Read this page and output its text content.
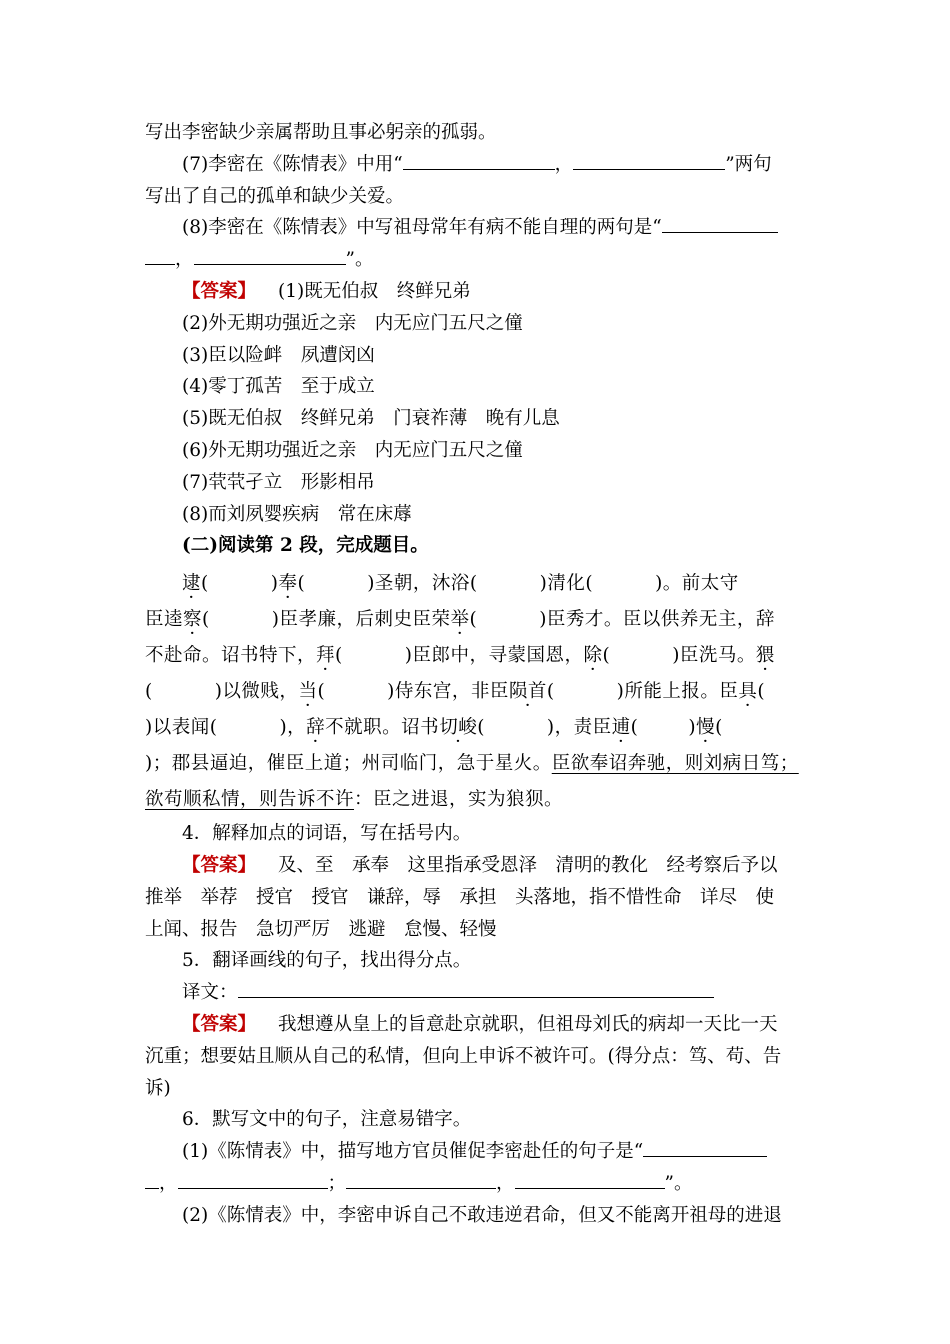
写出李密缺少亲属帮助且事必躬亲的孤弱。
(7)李密在《陈情表》中用“	，	”两句
写出了自己的孤单和缺少关爱。
(8)李密在《陈情表》中写祖母常年有病不能自理的两句是“
，	”。
【答案】 (1)既无伯叔　终鲜兄弟
(2)外无期功强近之亲　内无应门五尺之僮
(3)臣以险衅　夙遭闵凶
(4)零丁孤苦　至于成立
(5)既无伯叔　终鲜兄弟　门衰祚薄　晚有儿息
(6)外无期功强近之亲　内无应门五尺之僮
(7)茕茕孑立　形影相吊
(8)而刘夙婴疾病　常在床蓐
(二)阅读第 2 段，完成题目。
逮(	)奉(	)圣朝，沐浴(	)清化(	)。前太守
臣逵察(	)臣孝廉，后刺史臣荣举(	)臣秀才。臣以供养无主，辞
不赴命。诏书特下，拜(	)臣郎中，寻蒙国恩，除(	)臣洗马。猥
(	)以微贱，当(	)侍东宫，非臣陨首(	)所能上报。臣具(
)以表闻(	)，辞不就职。诏书切峻(	)，责臣逋(	)慢(
)；郡县逼迫，催臣上道；州司临门，急于星火。臣欲奉诏奔驰，则刘病日笃；
欲苟顺私情，则告诉不许：臣之进退，实为狼狈。
4．解释加点的词语，写在括号内。
【答案】 及、至　承奉　这里指承受恩泽　清明的教化　经考察后予以
推举　举荐　授官　授官　谦辞，辱　承担　头落地，指不惜性命　详尽　使
上闻、报告　急切严厉　逃避　怠慢、轻慢
5．翻译画线的句子，找出得分点。
译文：
【答案】 我想遵从皇上的旨意赴京就职，但祖母刘氏的病却一天比一天
沉重；想要姑且顺从自己的私情，但向上申诉不被许可。(得分点：笃、苟、告
诉)
6．默写文中的句子，注意易错字。
(1)《陈情表》中，描写地方官员催促李密赴任的句子是“
，	；	，	”。
(2)《陈情表》中，李密申诉自己不敢违逆君命，但又不能离开祖母的进退
